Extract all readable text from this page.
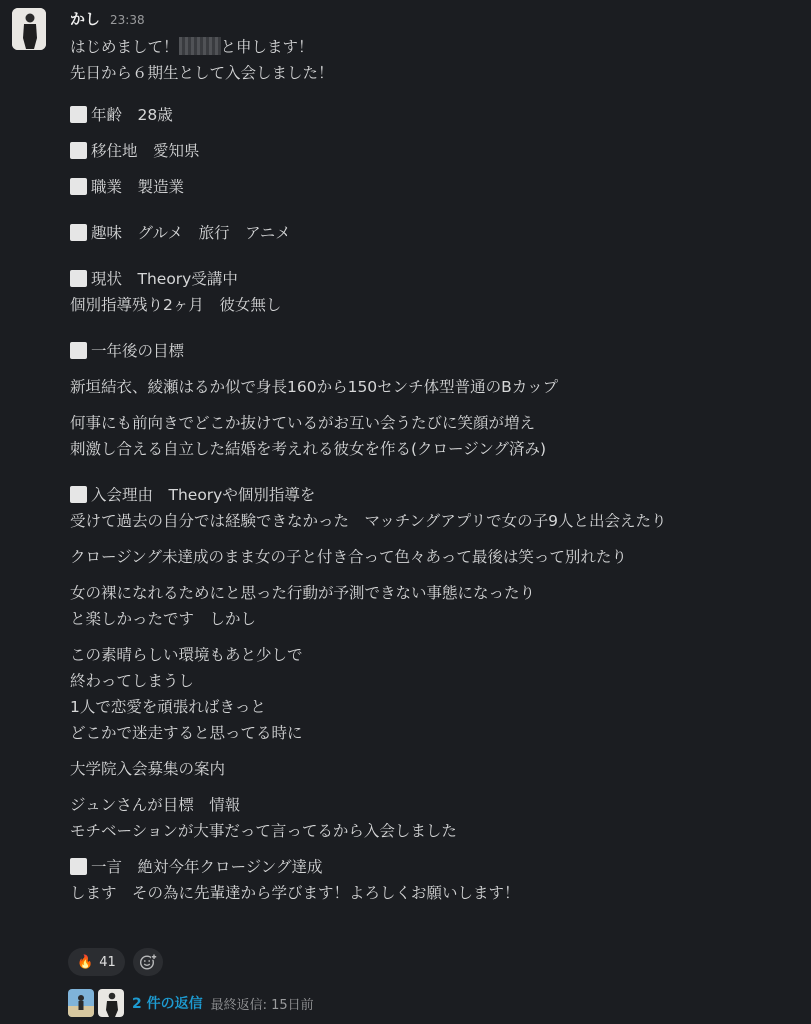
かし 23:38
はじめまして！	と申します！
先日から６期生として入会しました！
年齢　28歳
移住地　愛知県
職業　製造業
趣味　グルメ　旅行　アニメ
現状　Theory受講中
個別指導残り2ヶ月　彼女無し
一年後の目標
新垣結衣、綾瀬はるか似で身長160から150センチ体型普通のBカップ
何事にも前向きでどこか抜けているがお互い会うたびに笑顔が増え
刺激し合える自立した結婚を考えれる彼女を作る(クロージング済み)
入会理由　Theoryや個別指導を
受けて過去の自分では経験できなかった　マッチングアプリで女の子9人と出会えたり
クロージング未達成のまま女の子と付き合って色々あって最後は笑って別れたり
女の裸になれるためにと思った行動が予測できない事態になったり
と楽しかったです　しかし
この素晴らしい環境もあと少しで
終わってしまうし
1人で恋愛を頑張ればきっと
どこかで迷走すると思ってる時に
大学院入会募集の案内
ジュンさんが目標　情報
モチベーションが大事だって言ってるから入会しました
一言　絶対今年クロージング達成
します　その為に先輩達から学びます！よろしくお願いします！
🔥 41
2 件の返信 最終返信: 15日前
